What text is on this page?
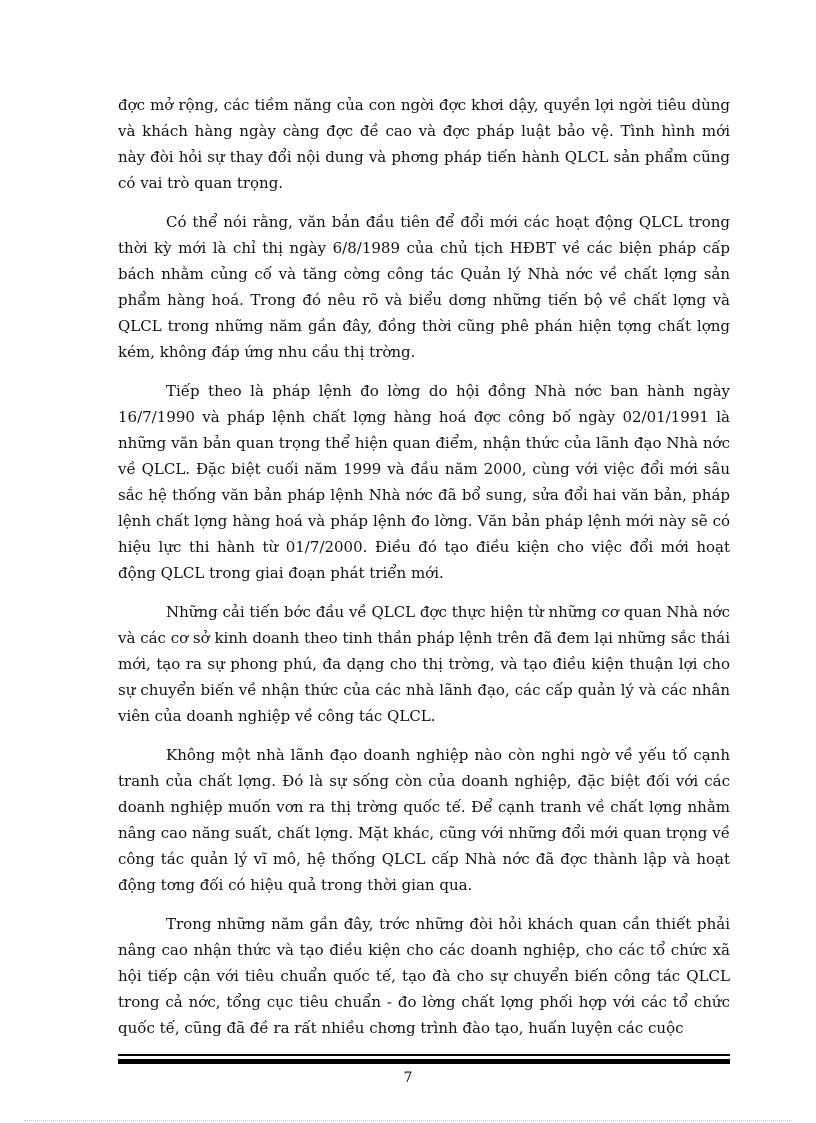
đợc mở rộng, các tiềm năng của con ngời đợc khơi dậy, quyền lợi ngời tiêu dùng và khách hàng ngày càng đợc đề cao và đợc pháp luật bảo vệ. Tình hình mới này đòi hỏi sự thay đổi nội dung và phơng pháp tiến hành QLCL sản phẩm cũng có vai trò quan trọng.

Có thể nói rằng, văn bản đầu tiên để đổi mới các hoạt động QLCL trong thời kỳ mới là chỉ thị ngày 6/8/1989 của chủ tịch HĐBT về các biện pháp cấp bách nhằm củng cố và tăng cờng công tác Quản lý Nhà nớc về chất lợng sản phẩm hàng hoá. Trong đó nêu rõ và biểu dơng những tiến bộ về chất lợng và QLCL trong những năm gần đây, đồng thời cũng phê phán hiện tợng chất lợng kém, không đáp ứng nhu cầu thị trờng.

Tiếp theo là pháp lệnh đo lờng do hội đồng Nhà nớc ban hành ngày 16/7/1990 và pháp lệnh chất lợng hàng hoá đợc công bố ngày 02/01/1991 là những văn bản quan trọng thể hiện quan điểm, nhận thức của lãnh đạo Nhà nớc về QLCL. Đặc biệt cuối năm 1999 và đầu năm 2000, cùng với việc đổi mới sâu sắc hệ thống văn bản pháp lệnh Nhà nớc đã bổ sung, sửa đổi hai văn bản, pháp lệnh chất lợng hàng hoá và pháp lệnh đo lờng. Văn bản pháp lệnh mới này sẽ có hiệu lực thi hành từ 01/7/2000. Điều đó tạo điều kiện cho việc đổi mới hoạt động QLCL trong giai đoạn phát triển mới.

Những cải tiến bớc đầu về QLCL đợc thực hiện từ những cơ quan Nhà nớc và các cơ sở kinh doanh theo tinh thần pháp lệnh trên đã đem lại những sắc thái mới, tạo ra sự phong phú, đa dạng cho thị trờng, và tạo điều kiện thuận lợi cho sự chuyển biến về nhận thức của các nhà lãnh đạo, các cấp quản lý và các nhân viên của doanh nghiệp về công tác QLCL.

Không một nhà lãnh đạo doanh nghiệp nào còn nghi ngờ về yếu tố cạnh tranh của chất lợng. Đó là sự sống còn của doanh nghiệp, đặc biệt đối với các doanh nghiệp muốn vơn ra thị trờng quốc tế. Để cạnh tranh về chất lợng nhằm nâng cao năng suất, chất lợng. Mặt khác, cũng với những đổi mới quan trọng về công tác quản lý vĩ mô, hệ thống QLCL cấp Nhà nớc đã đợc thành lập và hoạt động tơng đối có hiệu quả trong thời gian qua.

Trong những năm gần đây, trớc những đòi hỏi khách quan cần thiết phải nâng cao nhận thức và tạo điều kiện cho các doanh nghiệp, cho các tổ chức xã hội tiếp cận với tiêu chuẩn quốc tế, tạo đà cho sự chuyển biến công tác QLCL trong cả nớc, tổng cục tiêu chuẩn - đo lờng chất lợng phối hợp với các tổ chức quốc tế, cũng đã đề ra rất nhiều chơng trình đào tạo, huấn luyện các cuộc

7
